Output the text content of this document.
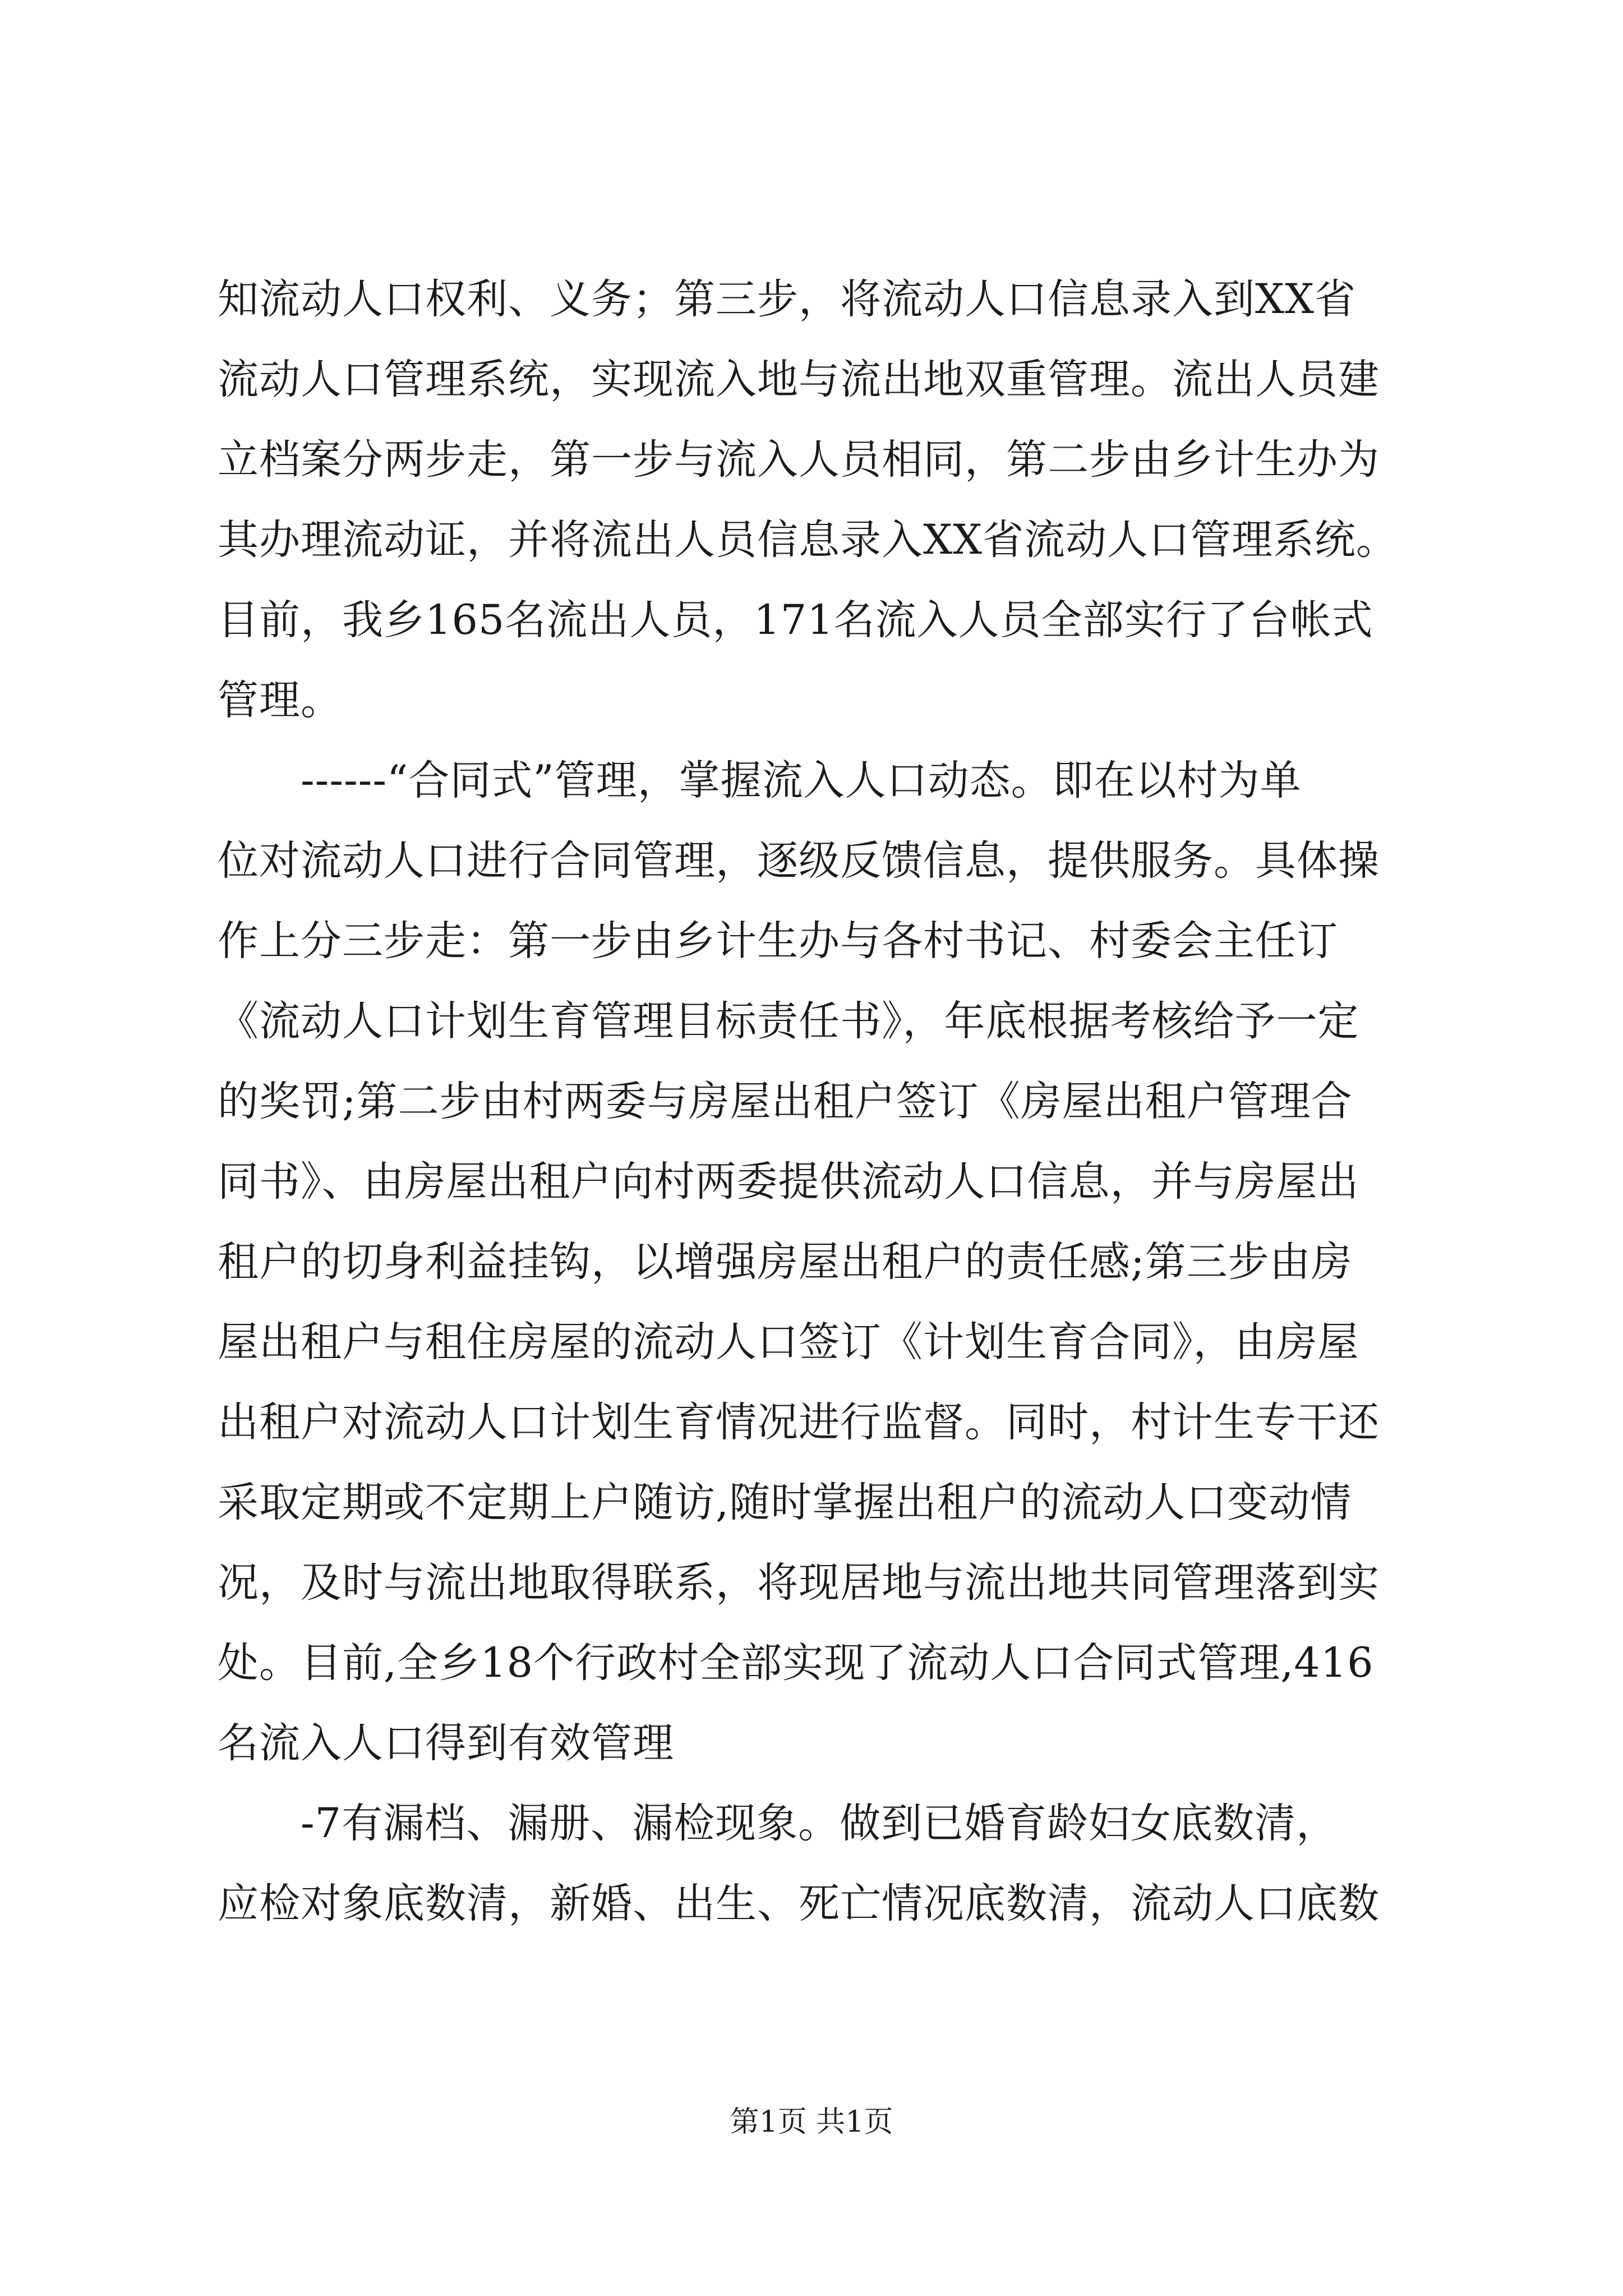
知流动人口权利、义务；第三步，将流动人口信息录入到XX省
流动人口管理系统，实现流入地与流出地双重管理。流出人员建
立档案分两步走，第一步与流入人员相同，第二步由乡计生办为
其办理流动证，并将流出人员信息录入XX省流动人口管理系统。
目前，我乡165名流出人员，171名流入人员全部实行了台帐式
管理。
　　------“合同式”管理，掌握流入人口动态。即在以村为单
位对流动人口进行合同管理，逐级反馈信息，提供服务。具体操
作上分三步走：第一步由乡计生办与各村书记、村委会主任订
《流动人口计划生育管理目标责任书》，年底根据考核给予一定
的奖罚;第二步由村两委与房屋出租户签订《房屋出租户管理合
同书》、由房屋出租户向村两委提供流动人口信息，并与房屋出
租户的切身利益挂钩，以增强房屋出租户的责任感;第三步由房
屋出租户与租住房屋的流动人口签订《计划生育合同》，由房屋
出租户对流动人口计划生育情况进行监督。同时，村计生专干还
采取定期或不定期上户随访,随时掌握出租户的流动人口变动情
况，及时与流出地取得联系，将现居地与流出地共同管理落到实
处。目前,全乡18个行政村全部实现了流动人口合同式管理,416
名流入人口得到有效管理
　　-7有漏档、漏册、漏检现象。做到已婚育龄妇女底数清，
应检对象底数清，新婚、出生、死亡情况底数清，流动人口底数
第1页 共1页
